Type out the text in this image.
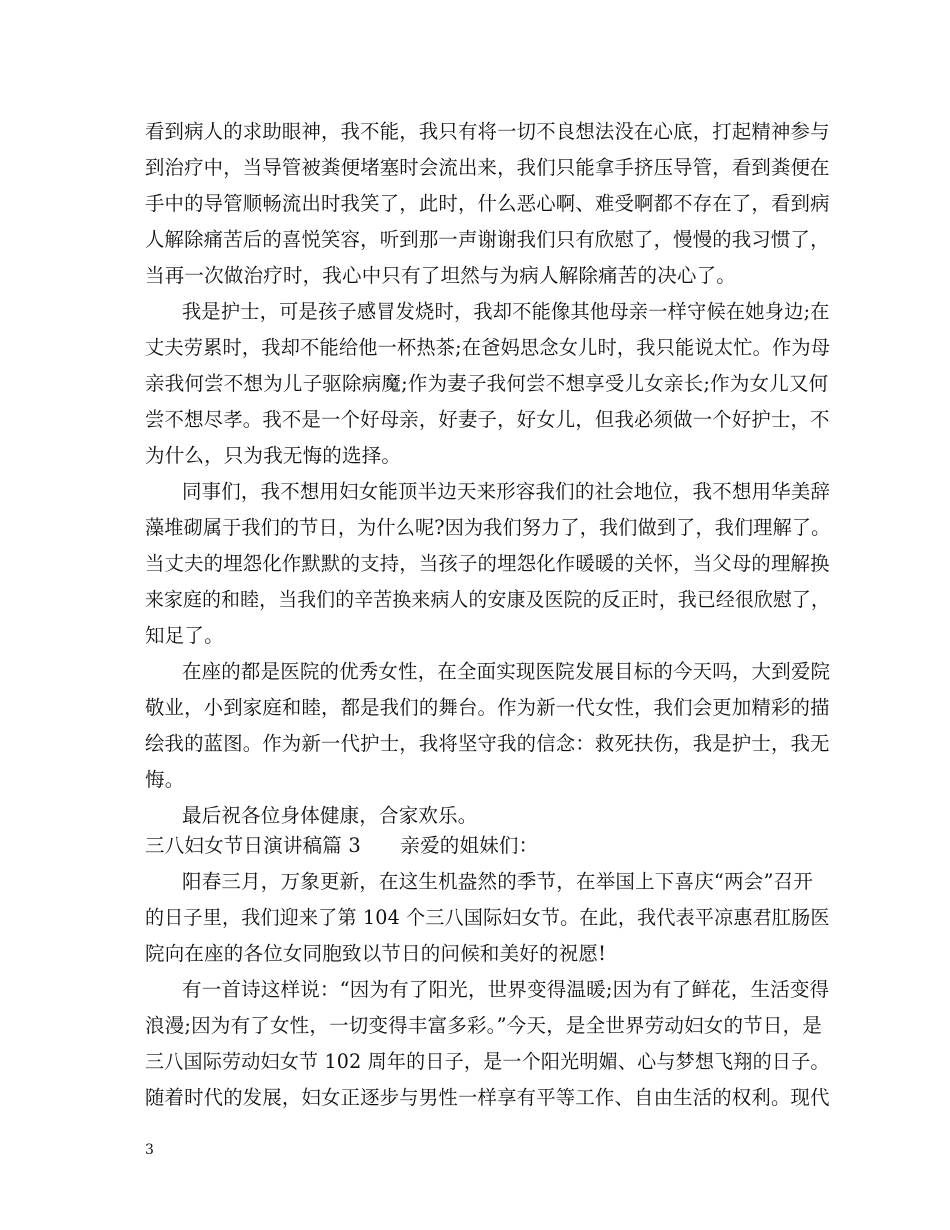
看到病人的求助眼神，我不能，我只有将一切不良想法没在心底，打起精神参与
到治疗中，当导管被粪便堵塞时会流出来，我们只能拿手挤压导管，看到粪便在
手中的导管顺畅流出时我笑了，此时，什么恶心啊、难受啊都不存在了，看到病
人解除痛苦后的喜悦笑容，听到那一声谢谢我们只有欣慰了，慢慢的我习惯了，
当再一次做治疗时，我心中只有了坦然与为病人解除痛苦的决心了。
我是护士，可是孩子感冒发烧时，我却不能像其他母亲一样守候在她身边;在
丈夫劳累时，我却不能给他一杯热茶;在爸妈思念女儿时，我只能说太忙。作为母
亲我何尝不想为儿子驱除病魔;作为妻子我何尝不想享受儿女亲长;作为女儿又何
尝不想尽孝。我不是一个好母亲，好妻子，好女儿，但我必须做一个好护士，不
为什么，只为我无悔的选择。
同事们，我不想用妇女能顶半边天来形容我们的社会地位，我不想用华美辞
藻堆砌属于我们的节日，为什么呢?因为我们努力了，我们做到了，我们理解了。
当丈夫的埋怨化作默默的支持，当孩子的埋怨化作暖暖的关怀，当父母的理解换
来家庭的和睦，当我们的辛苦换来病人的安康及医院的反正时，我已经很欣慰了，
知足了。
在座的都是医院的优秀女性，在全面实现医院发展目标的今天吗，大到爱院
敬业，小到家庭和睦，都是我们的舞台。作为新一代女性，我们会更加精彩的描
绘我的蓝图。作为新一代护士，我将坚守我的信念：救死扶伤，我是护士，我无
悔。
最后祝各位身体健康，合家欢乐。
三八妇女节日演讲稿篇 3　　亲爱的姐妹们：
阳春三月，万象更新，在这生机盎然的季节，在举国上下喜庆“两会”召开
的日子里，我们迎来了第 104 个三八国际妇女节。在此，我代表平凉惠君肛肠医
院向在座的各位女同胞致以节日的问候和美好的祝愿!
有一首诗这样说：“因为有了阳光，世界变得温暖;因为有了鲜花，生活变得
浪漫;因为有了女性，一切变得丰富多彩。”今天，是全世界劳动妇女的节日，是
三八国际劳动妇女节 102 周年的日子，是一个阳光明媚、心与梦想飞翔的日子。
随着时代的发展，妇女正逐步与男性一样享有平等工作、自由生活的权利。现代
3
